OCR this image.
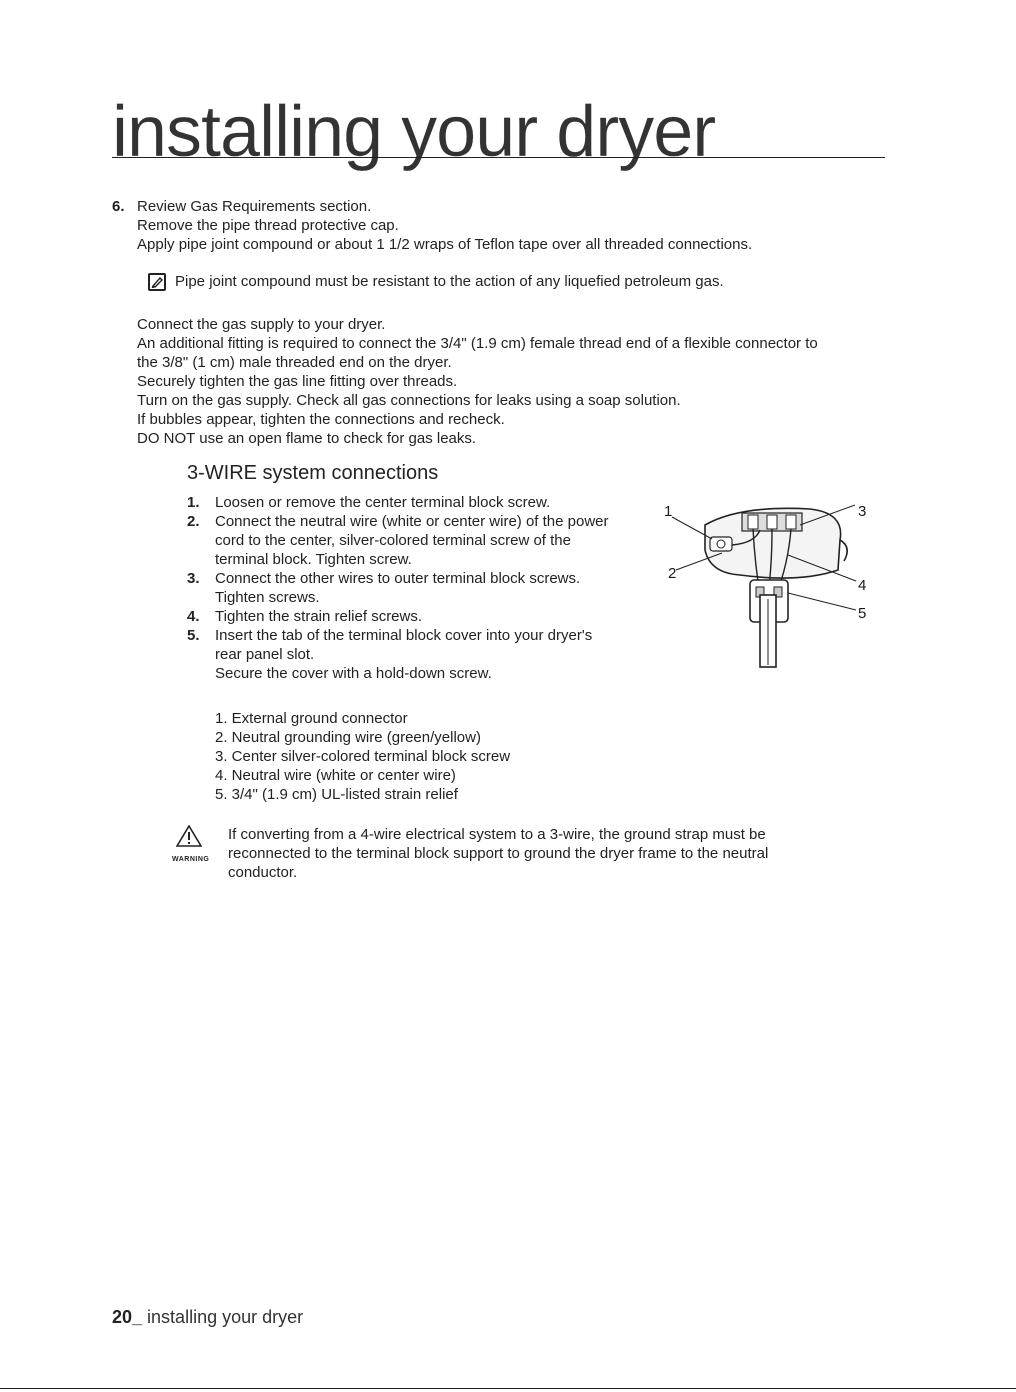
installing your dryer
6. Review Gas Requirements section.
Remove the pipe thread protective cap.
Apply pipe joint compound or about 1 1/2 wraps of Teflon tape over all threaded connections.
Pipe joint compound must be resistant to the action of any liquefied petroleum gas.
Connect the gas supply to your dryer.
An additional fitting is required to connect the 3/4" (1.9 cm) female thread end of a flexible connector to
the 3/8" (1 cm) male threaded end on the dryer.
Securely tighten the gas line fitting over threads.
Turn on the gas supply. Check all gas connections for leaks using a soap solution.
If bubbles appear, tighten the connections and recheck.
DO NOT use an open flame to check for gas leaks.
3-WIRE system connections
1. Loosen or remove the center terminal block screw.
2. Connect the neutral wire (white or center wire) of the power
cord to the center, silver-colored terminal screw of the
terminal block. Tighten screw.
3. Connect the other wires to outer terminal block screws.
Tighten screws.
4. Tighten the strain relief screws.
5. Insert the tab of the terminal block cover into your dryer's
rear panel slot.
Secure the cover with a hold-down screw.
1. External ground connector
2. Neutral grounding wire (green/yellow)
3. Center silver-colored terminal block screw
4. Neutral wire (white or center wire)
5. 3/4" (1.9 cm) UL-listed strain relief
WARNING
If converting from a 4-wire electrical system to a 3-wire, the ground strap must be
reconnected to the terminal block support to ground the dryer frame to the neutral
conductor.
1
2
3
4
5
20_ installing your dryer
